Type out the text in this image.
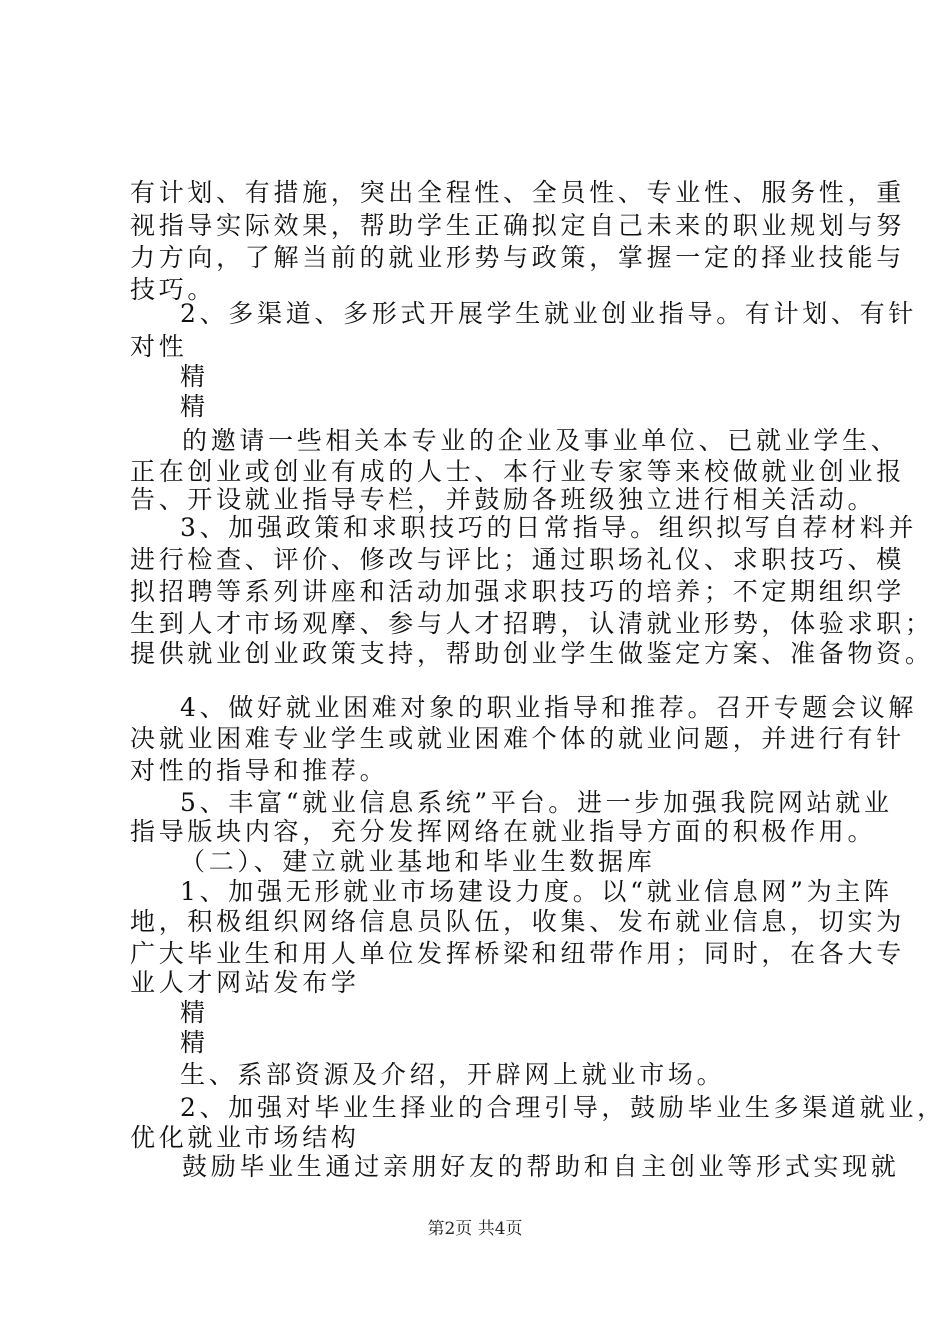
有计划、有措施，突出全程性、全员性、专业性、服务性，重
视指导实际效果，帮助学生正确拟定自己未来的职业规划与努
力方向，了解当前的就业形势与政策，掌握一定的择业技能与
技巧。
2、多渠道、多形式开展学生就业创业指导。有计划、有针
对性
精
精
的邀请一些相关本专业的企业及事业单位、已就业学生、
正在创业或创业有成的人士、本行业专家等来校做就业创业报
告、开设就业指导专栏，并鼓励各班级独立进行相关活动。
3、加强政策和求职技巧的日常指导。组织拟写自荐材料并
进行检查、评价、修改与评比；通过职场礼仪、求职技巧、模
拟招聘等系列讲座和活动加强求职技巧的培养；不定期组织学
生到人才市场观摩、参与人才招聘，认清就业形势，体验求职；
提供就业创业政策支持，帮助创业学生做鉴定方案、准备物资。
4、做好就业困难对象的职业指导和推荐。召开专题会议解
决就业困难专业学生或就业困难个体的就业问题，并进行有针
对性的指导和推荐。
5、丰富“就业信息系统”平台。进一步加强我院网站就业
指导版块内容，充分发挥网络在就业指导方面的积极作用。
（二）、建立就业基地和毕业生数据库
1、加强无形就业市场建设力度。以“就业信息网”为主阵
地，积极组织网络信息员队伍，收集、发布就业信息，切实为
广大毕业生和用人单位发挥桥梁和纽带作用；同时，在各大专
业人才网站发布学
精
精
生、系部资源及介绍，开辟网上就业市场。
2、加强对毕业生择业的合理引导，鼓励毕业生多渠道就业，
优化就业市场结构
鼓励毕业生通过亲朋好友的帮助和自主创业等形式实现就
第2页 共4页
